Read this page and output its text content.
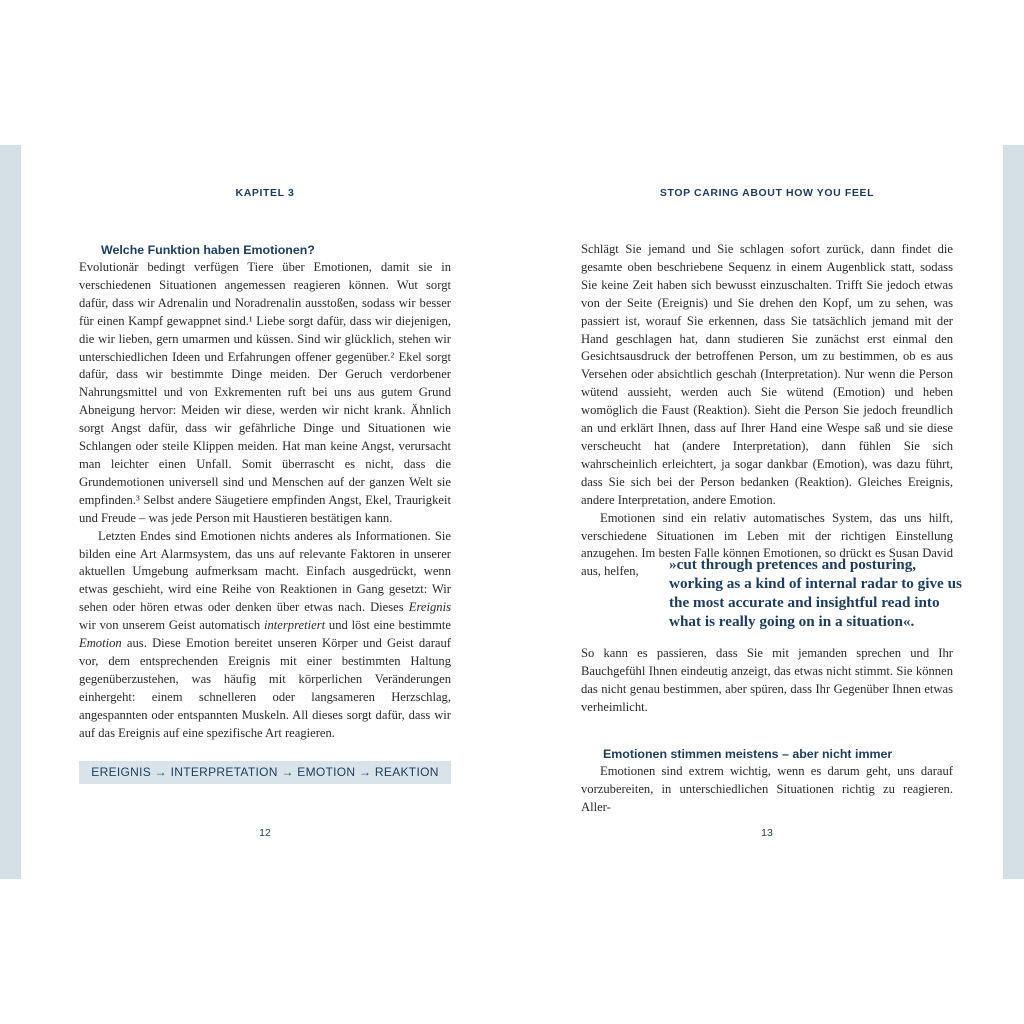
KAPITEL 3
Welche Funktion haben Emotionen?

Evolutionär bedingt verfügen Tiere über Emotionen, damit sie in verschiedenen Situationen angemessen reagieren können. Wut sorgt dafür, dass wir Adrenalin und Noradrenalin ausstoßen, sodass wir besser für einen Kampf gewappnet sind.¹ Liebe sorgt dafür, dass wir diejenigen, die wir lieben, gern umarmen und küssen. Sind wir glücklich, stehen wir unterschiedlichen Ideen und Erfahrungen offener gegenüber.² Ekel sorgt dafür, dass wir bestimmte Dinge meiden. Der Geruch verdorbener Nahrungsmittel und von Exkrementen ruft bei uns aus gutem Grund Abneigung hervor: Meiden wir diese, werden wir nicht krank. Ähnlich sorgt Angst dafür, dass wir gefährliche Dinge und Situationen wie Schlangen oder steile Klippen meiden. Hat man keine Angst, verursacht man leichter einen Unfall. Somit überrascht es nicht, dass die Grundemotionen universell sind und Menschen auf der ganzen Welt sie empfinden.³ Selbst andere Säugetiere empfinden Angst, Ekel, Traurigkeit und Freude – was jede Person mit Haustieren bestätigen kann.

Letzten Endes sind Emotionen nichts anderes als Informationen. Sie bilden eine Art Alarmsystem, das uns auf relevante Faktoren in unserer aktuellen Umgebung aufmerksam macht. Einfach ausgedrückt, wenn etwas geschieht, wird eine Reihe von Reaktionen in Gang gesetzt: Wir sehen oder hören etwas oder denken über etwas nach. Dieses Ereignis wir von unserem Geist automatisch interpretiert und löst eine bestimmte Emotion aus. Diese Emotion bereitet unseren Körper und Geist darauf vor, dem entsprechenden Ereignis mit einer bestimmten Haltung gegenüberzustehen, was häufig mit körperlichen Veränderungen einhergeht: einem schnelleren oder langsameren Herzschlag, angespannten oder entspannten Muskeln. All dieses sorgt dafür, dass wir auf das Ereignis auf eine spezifische Art reagieren.

EREIGNIS → INTERPRETATION → EMOTION → REAKTION
12
STOP CARING ABOUT HOW YOU FEEL

Schlägt Sie jemand und Sie schlagen sofort zurück, dann findet die gesamte oben beschriebene Sequenz in einem Augenblick statt, sodass Sie keine Zeit haben sich bewusst einzuschalten. Trifft Sie jedoch etwas von der Seite (Ereignis) und Sie drehen den Kopf, um zu sehen, was passiert ist, worauf Sie erkennen, dass Sie tatsächlich jemand mit der Hand geschlagen hat, dann studieren Sie zunächst erst einmal den Gesichtsausdruck der betroffenen Person, um zu bestimmen, ob es aus Versehen oder absichtlich geschah (Interpretation). Nur wenn die Person wütend aussieht, werden auch Sie wütend (Emotion) und heben womöglich die Faust (Reaktion). Sieht die Person Sie jedoch freundlich an und erklärt Ihnen, dass auf Ihrer Hand eine Wespe saß und sie diese verscheucht hat (andere Interpretation), dann fühlen Sie sich wahrscheinlich erleichtert, ja sogar dankbar (Emotion), was dazu führt, dass Sie sich bei der Person bedanken (Reaktion). Gleiches Ereignis, andere Interpretation, andere Emotion.

Emotionen sind ein relativ automatisches System, das uns hilft, verschiedene Situationen im Leben mit der richtigen Einstellung anzugehen. Im besten Falle können Emotionen, so drückt es Susan David aus, helfen,	»cut through pretences and posturing, working as a kind of internal radar to give us the most accurate and insightful read into what is really going on in a situation«.

So kann es passieren, dass Sie mit jemanden sprechen und Ihr Bauchgefühl Ihnen eindeutig anzeigt, das etwas nicht stimmt. Sie können das nicht genau bestimmen, aber spüren, dass Ihr Gegenüber Ihnen etwas verheimlicht.

Emotionen stimmen meistens – aber nicht immer

Emotionen sind extrem wichtig, wenn es darum geht, uns darauf vorzubereiten, in unterschiedlichen Situationen richtig zu reagieren. Aller-

13
